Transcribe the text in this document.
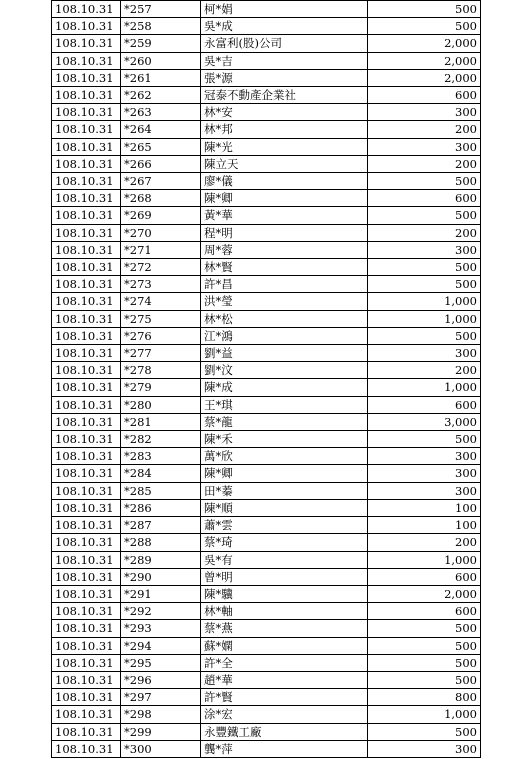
108.10.31	*257	柯*娟	500
108.10.31	*258	吳*成	500
108.10.31	*259	永富利(股)公司	2,000
108.10.31	*260	吳*吉	2,000
108.10.31	*261	張*源	2,000
108.10.31	*262	冠泰不動產企業社	600
108.10.31	*263	林*安	300
108.10.31	*264	林*邦	200
108.10.31	*265	陳*光	300
108.10.31	*266	陳立天	200
108.10.31	*267	廖*儀	500
108.10.31	*268	陳*卿	600
108.10.31	*269	黃*華	500
108.10.31	*270	程*明	200
108.10.31	*271	周*蓉	300
108.10.31	*272	林*賢	500
108.10.31	*273	許*昌	500
108.10.31	*274	洪*瑩	1,000
108.10.31	*275	林*松	1,000
108.10.31	*276	江*鴻	500
108.10.31	*277	劉*益	300
108.10.31	*278	劉*汶	200
108.10.31	*279	陳*成	1,000
108.10.31	*280	王*琪	600
108.10.31	*281	蔡*龍	3,000
108.10.31	*282	陳*禾	500
108.10.31	*283	萬*欣	300
108.10.31	*284	陳*卿	300
108.10.31	*285	田*蓁	300
108.10.31	*286	陳*順	100
108.10.31	*287	蕭*雲	100
108.10.31	*288	蔡*琦	200
108.10.31	*289	吳*有	1,000
108.10.31	*290	曾*明	600
108.10.31	*291	陳*驥	2,000
108.10.31	*292	林*軸	600
108.10.31	*293	蔡*燕	500
108.10.31	*294	蘇*嫻	500
108.10.31	*295	許*全	500
108.10.31	*296	趙*華	500
108.10.31	*297	許*賢	800
108.10.31	*298	涂*宏	1,000
108.10.31	*299	永豐鐵工廠	500
108.10.31	*300	龔*萍	300
